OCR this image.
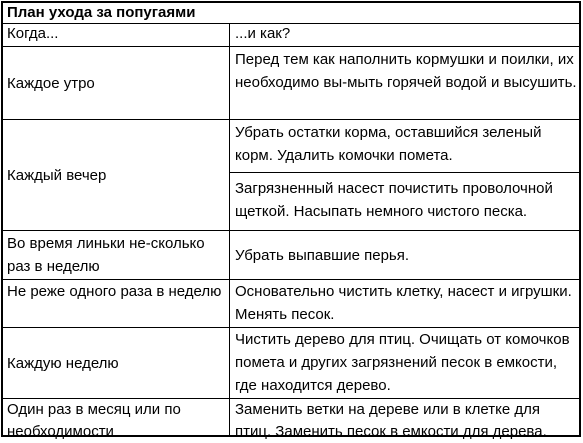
План ухода за попугаями
Когда...	...и как?
Каждое утро
Перед тем как наполнить кормушки и поилки, их необходимо вы-мыть горячей водой и высушить.
Каждый вечер
Убрать остатки корма, оставшийся зеленый корм. Удалить комочки помета.
Загрязненный насест почистить проволочной щеткой. Насыпать немного чистого песка.
Во время линьки не-сколько раз в неделю
Убрать выпавшие перья.
Не реже одного раза в неделю Основательно чистить клетку, насест и игрушки. Менять песок.
Каждую неделю
Чистить дерево для птиц. Очищать от комочков помета и других загрязнений песок в емкости, где находится дерево.
Один раз в месяц или по необходимости
Заменить ветки на дереве или в клетке для птиц. Заменить песок в емкости для дерева.
